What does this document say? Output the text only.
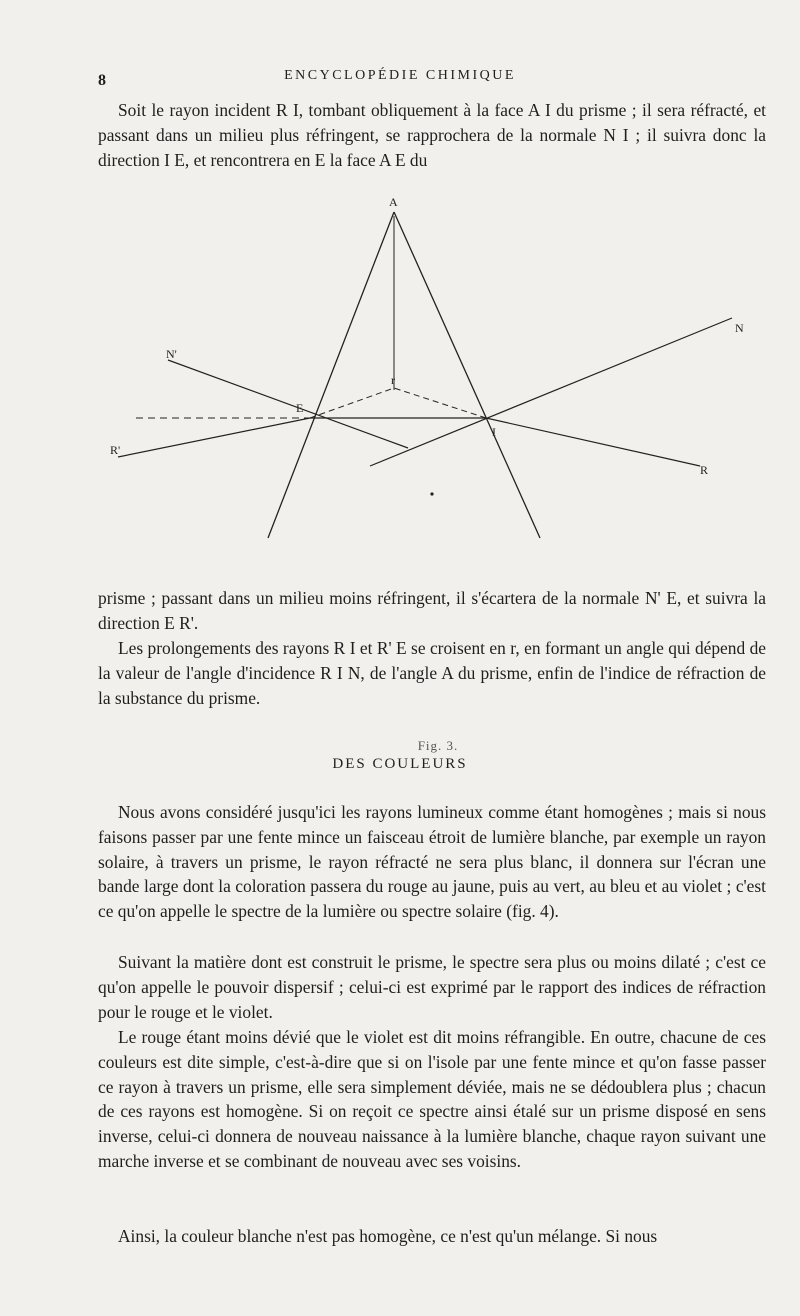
8	ENCYCLOPÉDIE CHIMIQUE

Soit le rayon incident R I, tombant obliquement à la face A I du prisme ; il sera réfracté, et passant dans un milieu plus réfringent, se rapprochera de la normale N I ; il suivra donc la direction I E, et rencontrera en E la face A E du

A
N
N'
E
r
I
R'
R
Fig. 3.

prisme ; passant dans un milieu moins réfringent, il s'écartera de la normale N' E, et suivra la direction E R'.

Les prolongements des rayons R I et R' E se croisent en r, en formant un angle qui dépend de la valeur de l'angle d'incidence R I N, de l'angle A du prisme, enfin de l'indice de réfraction de la substance du prisme.

DES COULEURS

Nous avons considéré jusqu'ici les rayons lumineux comme étant homogènes ; mais si nous faisons passer par une fente mince un faisceau étroit de lumière blanche, par exemple un rayon solaire, à travers un prisme, le rayon réfracté ne sera plus blanc, il donnera sur l'écran une bande large dont la coloration passera du rouge au jaune, puis au vert, au bleu et au violet ; c'est ce qu'on appelle le spectre de la lumière ou spectre solaire (fig. 4).

Suivant la matière dont est construit le prisme, le spectre sera plus ou moins dilaté ; c'est ce qu'on appelle le pouvoir dispersif ; celui-ci est exprimé par le rapport des indices de réfraction pour le rouge et le violet.

Le rouge étant moins dévié que le violet est dit moins réfrangible. En outre, chacune de ces couleurs est dite simple, c'est-à-dire que si on l'isole par une fente mince et qu'on fasse passer ce rayon à travers un prisme, elle sera simplement déviée, mais ne se dédoublera plus ; chacun de ces rayons est homogène. Si on reçoit ce spectre ainsi étalé sur un prisme disposé en sens inverse, celui-ci donnera de nouveau naissance à la lumière blanche, chaque rayon suivant une marche inverse et se combinant de nouveau avec ses voisins.

Ainsi, la couleur blanche n'est pas homogène, ce n'est qu'un mélange. Si nous
